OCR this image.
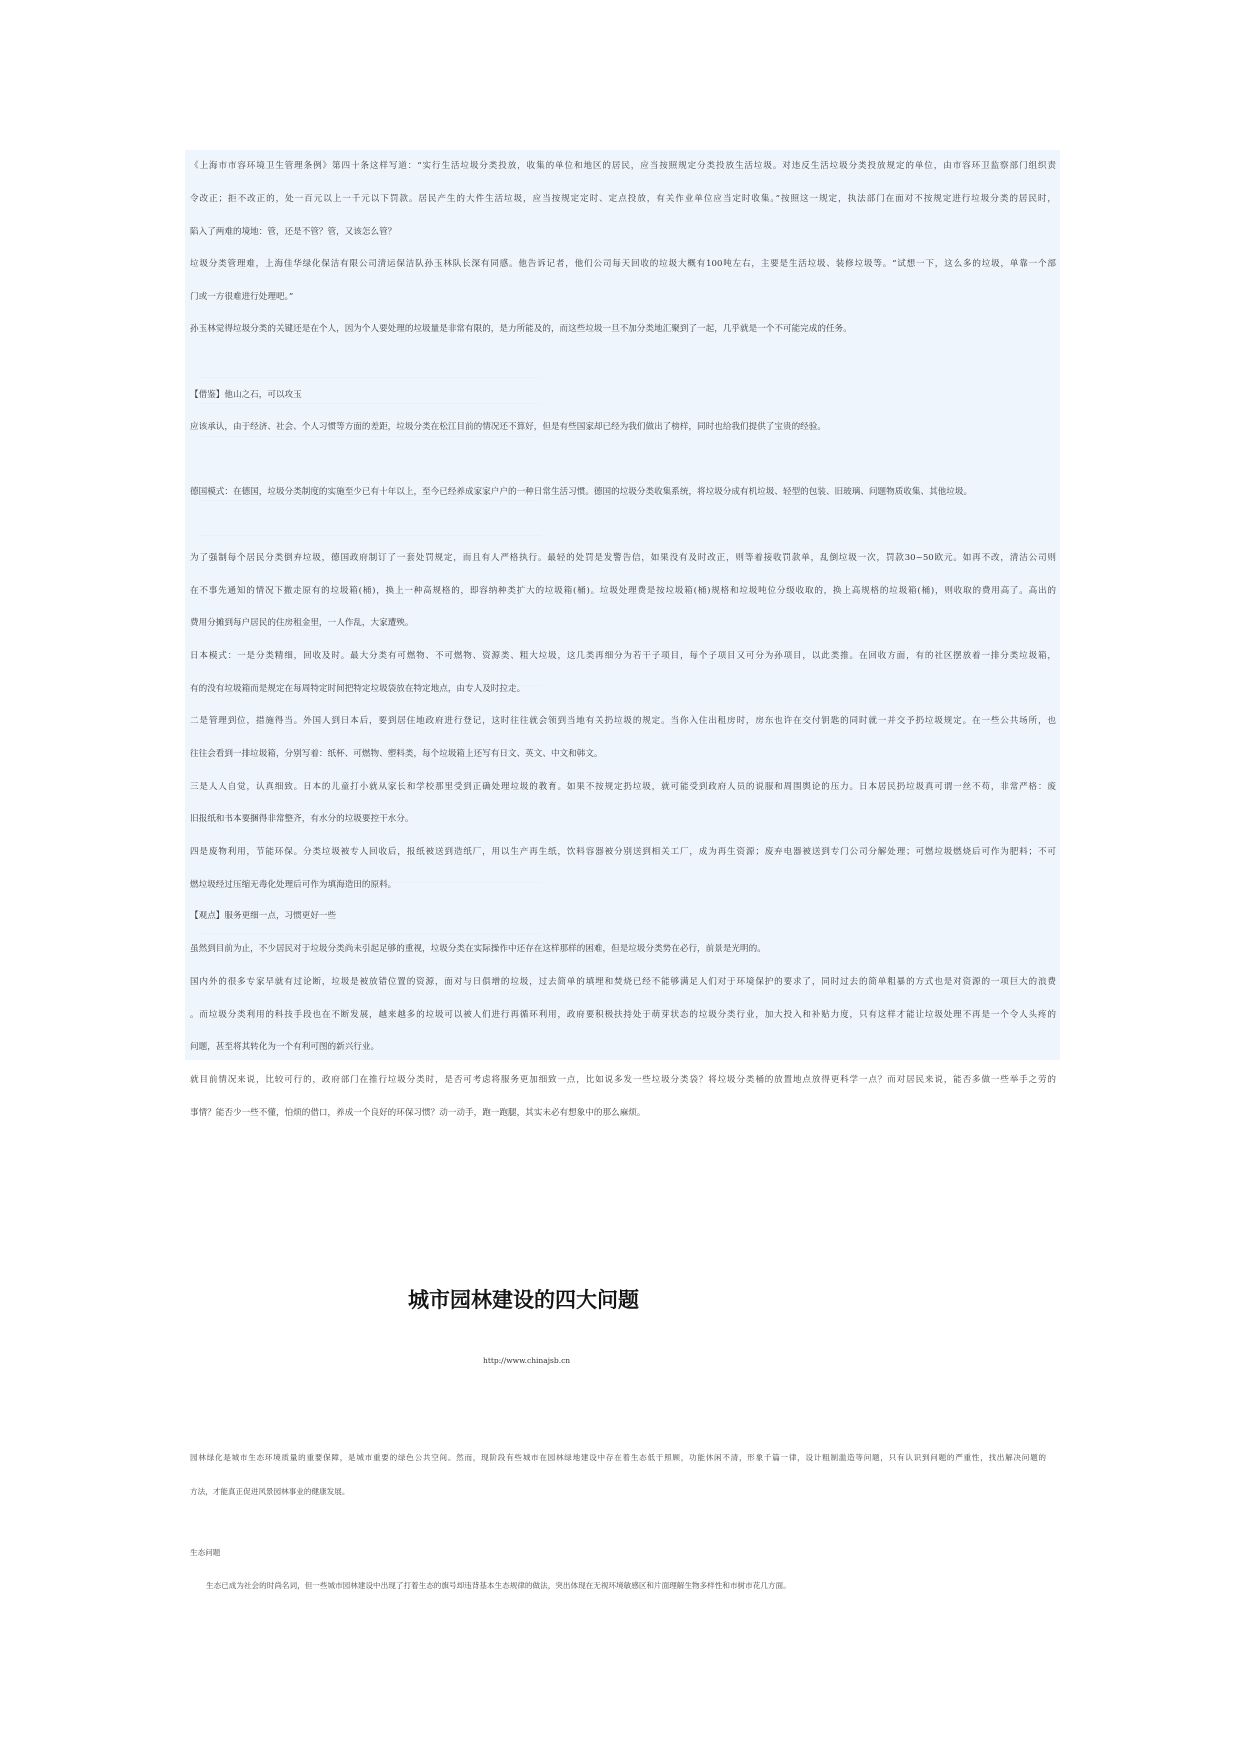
《上海市市容环境卫生管理条例》第四十条这样写道：“实行生活垃圾分类投放，收集的单位和地区的居民，应当按照规定分类投放生活垃圾。对违反生活垃圾分类投放规定的单位，由市容环卫监察部门组织责
令改正；拒不改正的，处一百元以上一千元以下罚款。居民产生的大件生活垃圾，应当按规定定时、定点投放，有关作业单位应当定时收集。”按照这一规定，执法部门在面对不按规定进行垃圾分类的居民时，
陷入了两难的境地：管，还是不管？管，又该怎么管？
垃圾分类管理难，上海佳华绿化保洁有限公司清运保洁队孙玉林队长深有同感。他告诉记者，他们公司每天回收的垃圾大概有100吨左右，主要是生活垃圾、装修垃圾等。“试想一下，这么多的垃圾，单靠一个部
门或一方很难进行处理吧。”
孙玉林觉得垃圾分类的关键还是在个人，因为个人要处理的垃圾量是非常有限的，是力所能及的，而这些垃圾一旦不加分类地汇聚到了一起，几乎就是一个不可能完成的任务。
【借鉴】他山之石，可以攻玉
应该承认，由于经济、社会、个人习惯等方面的差距，垃圾分类在松江目前的情况还不算好，但是有些国家却已经为我们做出了榜样，同时也给我们提供了宝贵的经验。
德国模式：在德国，垃圾分类制度的实施至少已有十年以上，至今已经养成家家户户的一种日常生活习惯。德国的垃圾分类收集系统，将垃圾分成有机垃圾、轻型的包装、旧玻璃、问题物质收集、其他垃圾。
为了强制每个居民分类倒弃垃圾，德国政府制订了一套处罚规定，而且有人严格执行。最轻的处罚是发警告信，如果没有及时改正，则等着接收罚款单，乱倒垃圾一次，罚款30~50欧元。如再不改，清洁公司则
在不事先通知的情况下撤走原有的垃圾箱(桶)，换上一种高规格的，即容纳种类扩大的垃圾箱(桶)。垃圾处理费是按垃圾箱(桶)规格和垃圾吨位分级收取的，换上高规格的垃圾箱(桶)，则收取的费用高了。高出的
费用分摊到每户居民的住房租金里，一人作乱，大家遭殃。
日本模式：一是分类精细，回收及时。最大分类有可燃物、不可燃物、资源类、粗大垃圾，这几类再细分为若干子项目，每个子项目又可分为孙项目，以此类推。在回收方面，有的社区摆放着一排分类垃圾箱，
有的没有垃圾箱而是规定在每周特定时间把特定垃圾袋放在特定地点，由专人及时拉走。
二是管理到位，措施得当。外国人到日本后，要到居住地政府进行登记，这时往往就会领到当地有关扔垃圾的规定。当你入住出租房时，房东也许在交付钥匙的同时就一并交予扔垃圾规定。在一些公共场所，也
往往会看到一排垃圾箱，分别写着：纸杯、可燃物、塑料类，每个垃圾箱上还写有日文、英文、中文和韩文。
三是人人自觉，认真细致。日本的儿童打小就从家长和学校那里受到正确处理垃圾的教育。如果不按规定扔垃圾，就可能受到政府人员的说服和周围舆论的压力。日本居民扔垃圾真可谓一丝不苟，非常严格：废
旧报纸和书本要捆得非常整齐，有水分的垃圾要控干水分。
四是废物利用，节能环保。分类垃圾被专人回收后，报纸被送到造纸厂，用以生产再生纸，饮料容器被分别送到相关工厂，成为再生资源；废弃电器被送到专门公司分解处理；可燃垃圾燃烧后可作为肥料；不可
燃垃圾经过压缩无毒化处理后可作为填海造田的原料。
【观点】服务更细一点，习惯更好一些
虽然到目前为止，不少居民对于垃圾分类尚未引起足够的重视，垃圾分类在实际操作中还存在这样那样的困难，但是垃圾分类势在必行，前景是光明的。
国内外的很多专家早就有过论断，垃圾是被放错位置的资源，面对与日俱增的垃圾，过去简单的填埋和焚烧已经不能够满足人们对于环境保护的要求了，同时过去的简单粗暴的方式也是对资源的一项巨大的浪费
。而垃圾分类利用的科技手段也在不断发展，越来越多的垃圾可以被人们进行再循环利用，政府要积极扶持处于萌芽状态的垃圾分类行业，加大投入和补贴力度，只有这样才能让垃圾处理不再是一个令人头疼的
问题，甚至将其转化为一个有利可图的新兴行业。
就目前情况来说，比较可行的，政府部门在推行垃圾分类时，是否可考虑将服务更加细致一点，比如说多发一些垃圾分类袋？将垃圾分类桶的放置地点放得更科学一点？而对居民来说，能否多做一些举手之劳的
事情？能否少一些不懂，怕烦的借口，养成一个良好的环保习惯？动一动手，跑一跑腿，其实未必有想象中的那么麻烦。
城市园林建设的四大问题
http://www.chinajsb.cn
园林绿化是城市生态环境质量的重要保障，是城市重要的绿色公共空间。然而，现阶段有些城市在园林绿地建设中存在着生态低于照顾，功能休闲不清，形象千篇一律，设计粗制滥造等问题，只有认识到问题的严重性，找出解决问题的
方法，才能真正促进风景园林事业的健康发展。
生态问题
生态已成为社会的时尚名词，但一些城市园林建设中出现了打着生态的旗号却违背基本生态规律的做法，突出体现在无视环境敏感区和片面理解生物多样性和市树市花几方面。
